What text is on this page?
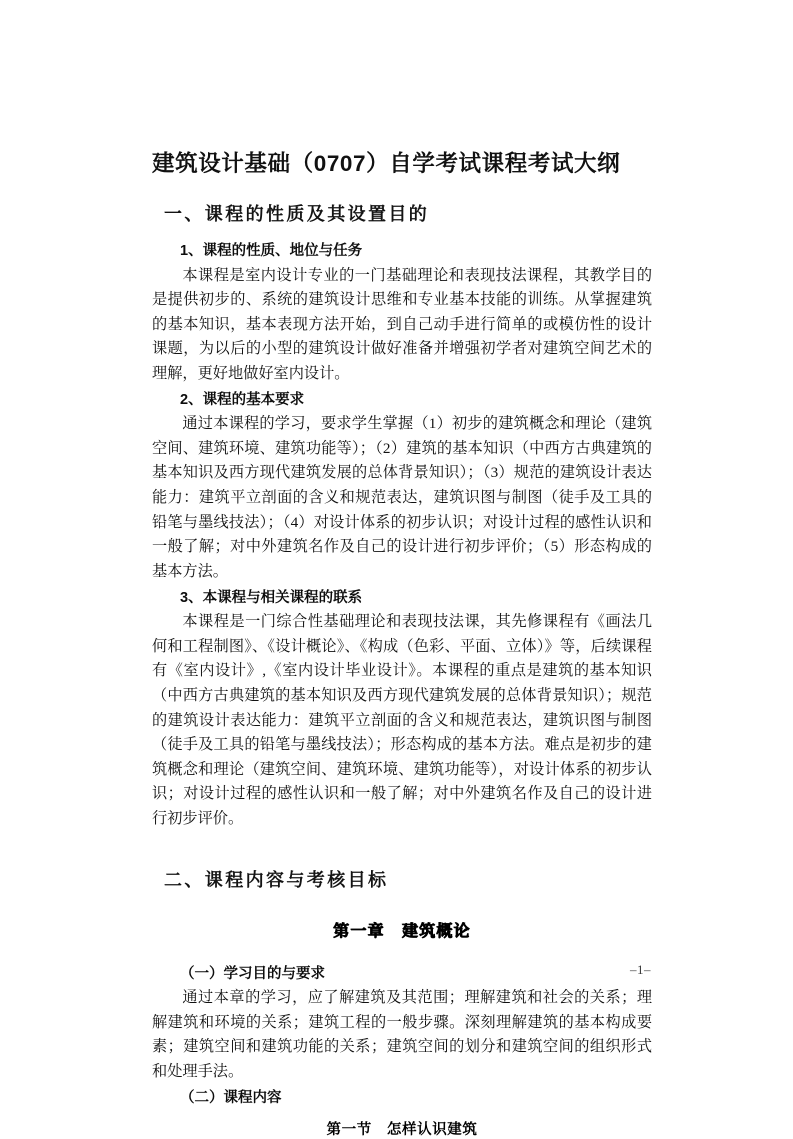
建筑设计基础（0707）自学考试课程考试大纲
一、课程的性质及其设置目的
1、课程的性质、地位与任务

本课程是室内设计专业的一门基础理论和表现技法课程，其教学目的是提供初步的、系统的建筑设计思维和专业基本技能的训练。从掌握建筑的基本知识，基本表现方法开始，到自己动手进行简单的或模仿性的设计课题，为以后的小型的建筑设计做好准备并增强初学者对建筑空间艺术的理解，更好地做好室内设计。

2、课程的基本要求

通过本课程的学习，要求学生掌握（1）初步的建筑概念和理论（建筑空间、建筑环境、建筑功能等）；（2）建筑的基本知识（中西方古典建筑的基本知识及西方现代建筑发展的总体背景知识）；（3）规范的建筑设计表达能力：建筑平立剖面的含义和规范表达，建筑识图与制图（徒手及工具的铅笔与墨线技法）；（4）对设计体系的初步认识；对设计过程的感性认识和一般了解；对中外建筑名作及自己的设计进行初步评价；（5）形态构成的基本方法。

3、本课程与相关课程的联系

本课程是一门综合性基础理论和表现技法课，其先修课程有《画法几何和工程制图》、《设计概论》、《构成（色彩、平面、立体）》等，后续课程有《室内设计》,《室内设计毕业设计》。本课程的重点是建筑的基本知识（中西方古典建筑的基本知识及西方现代建筑发展的总体背景知识）；规范的建筑设计表达能力：建筑平立剖面的含义和规范表达，建筑识图与制图（徒手及工具的铅笔与墨线技法）；形态构成的基本方法。难点是初步的建筑概念和理论（建筑空间、建筑环境、建筑功能等），对设计体系的初步认识；对设计过程的感性认识和一般了解；对中外建筑名作及自己的设计进行初步评价。

二、课程内容与考核目标
第一章　建筑概论
（一）学习目的与要求

通过本章的学习，应了解建筑及其范围；理解建筑和社会的关系；理解建筑和环境的关系；建筑工程的一般步骤。深刻理解建筑的基本构成要素；建筑空间和建筑功能的关系；建筑空间的划分和建筑空间的组织形式和处理手法。

（二）课程内容
第一节　怎样认识建筑
–1–
